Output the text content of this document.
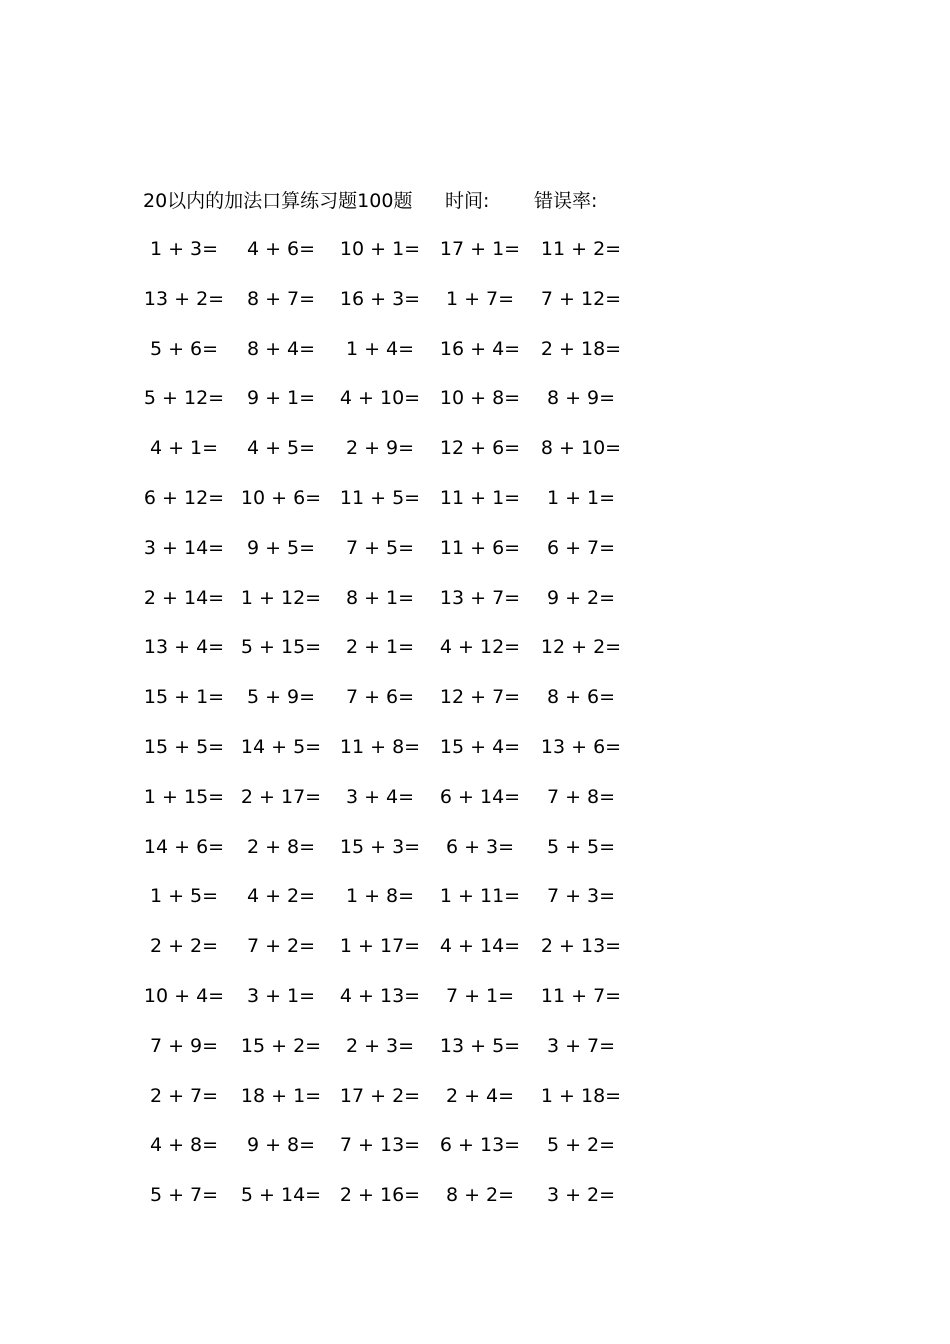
20以内的加法口算练习题100题 时间: 错误率:
1 + 3=	4 + 6=	10 + 1=	17 + 1=	11 + 2=
13 + 2=	8 + 7=	16 + 3=	1 + 7=	7 + 12=
5 + 6=	8 + 4=	1 + 4=	16 + 4=	2 + 18=
5 + 12=	9 + 1=	4 + 10=	10 + 8=	8 + 9=
4 + 1=	4 + 5=	2 + 9=	12 + 6=	8 + 10=
6 + 12= 10 + 6= 11 + 5=	11 + 1=	1 + 1=
3 + 14=	9 + 5=	7 + 5=	11 + 6=	6 + 7=
2 + 14= 1 + 12=	8 + 1=	13 + 7=	9 + 2=
13 + 4= 5 + 15=	2 + 1=	4 + 12=	12 + 2=
15 + 1=	5 + 9=	7 + 6=	12 + 7=	8 + 6=
15 + 5= 14 + 5= 11 + 8=	15 + 4=	13 + 6=
1 + 15= 2 + 17=	3 + 4=	6 + 14=	7 + 8=
14 + 6=	2 + 8=	15 + 3=	6 + 3=	5 + 5=
1 + 5=	4 + 2=	1 + 8=	1 + 11=	7 + 3=
2 + 2=	7 + 2=	1 + 17=	4 + 14=	2 + 13=
10 + 4=	3 + 1=	4 + 13=	7 + 1=	11 + 7=
7 + 9=	15 + 2=	2 + 3=	13 + 5=	3 + 7=
2 + 7=	18 + 1= 17 + 2=	2 + 4=	1 + 18=
4 + 8=	9 + 8=	7 + 13=	6 + 13=	5 + 2=
5 + 7=	5 + 14= 2 + 16=	8 + 2=	3 + 2=
